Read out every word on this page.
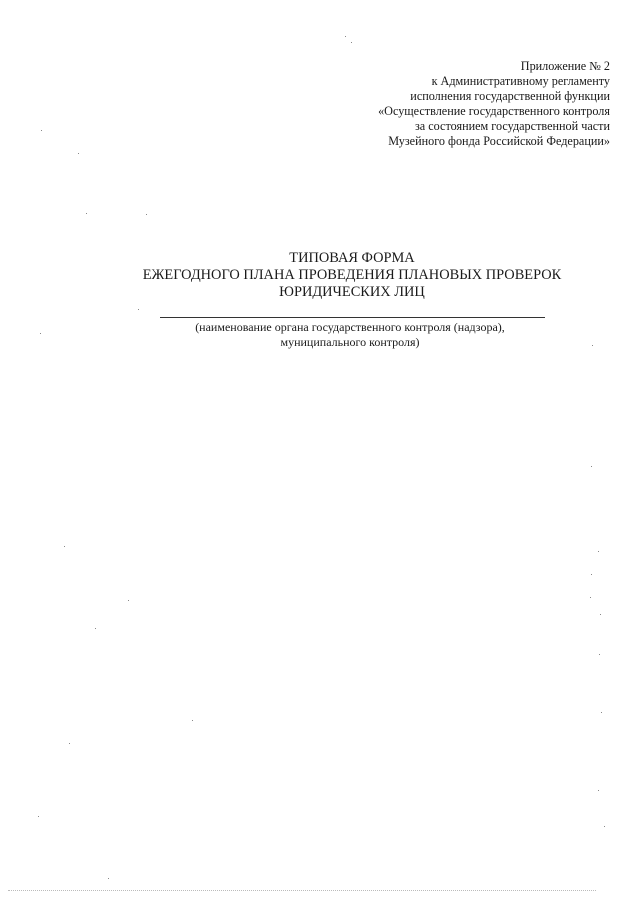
Приложение № 2
к Административному регламенту
исполнения государственной функции
«Осуществление государственного контроля
за состоянием государственной части
Музейного фонда Российской Федерации»
ТИПОВАЯ ФОРМА
ЕЖЕГОДНОГО ПЛАНА ПРОВЕДЕНИЯ ПЛАНОВЫХ ПРОВЕРОК
ЮРИДИЧЕСКИХ ЛИЦ
(наименование органа государственного контроля (надзора),
муниципального контроля)
